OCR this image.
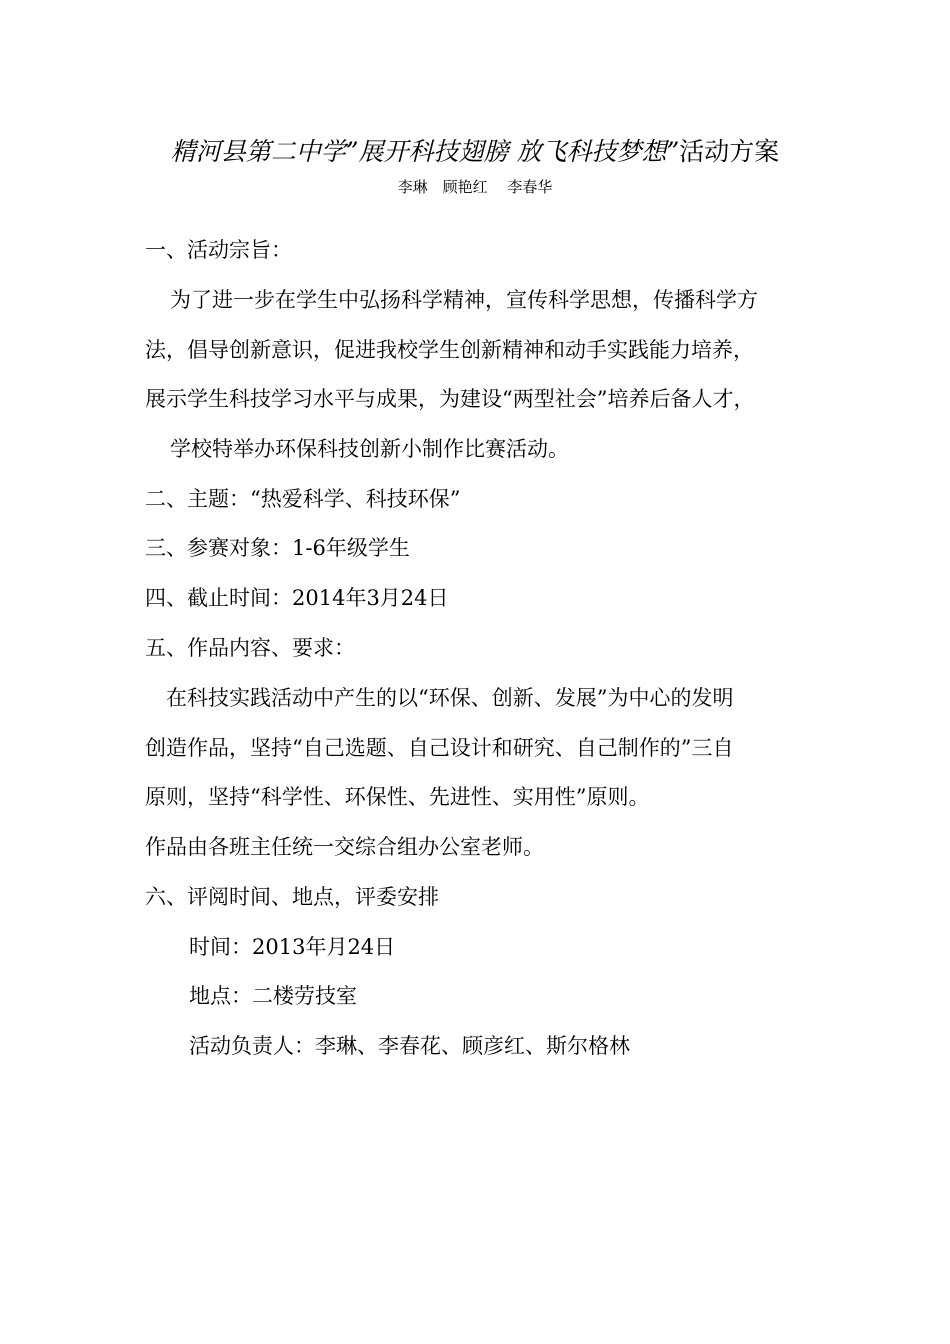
精河县第二中学”展开科技翅膀 放飞科技梦想”活动方案
李琳　顾艳红　 李春华
一、活动宗旨：
为了进一步在学生中弘扬科学精神，宣传科学思想，传播科学方
法，倡导创新意识，促进我校学生创新精神和动手实践能力培养，
展示学生科技学习水平与成果，为建设“两型社会”培养后备人才，
学校特举办环保科技创新小制作比赛活动。
二、主题：“热爱科学、科技环保”
三、参赛对象：1-6年级学生
四、截止时间：2014年3月24日
五、作品内容、要求：
在科技实践活动中产生的以“环保、创新、发展”为中心的发明
创造作品，坚持“自己选题、自己设计和研究、自己制作的”三自
原则，坚持“科学性、环保性、先进性、实用性”原则。
作品由各班主任统一交综合组办公室老师。
六、评阅时间、地点，评委安排
时间：2013年月24日
地点：二楼劳技室
活动负责人：李琳、李春花、顾彦红、斯尔格林
